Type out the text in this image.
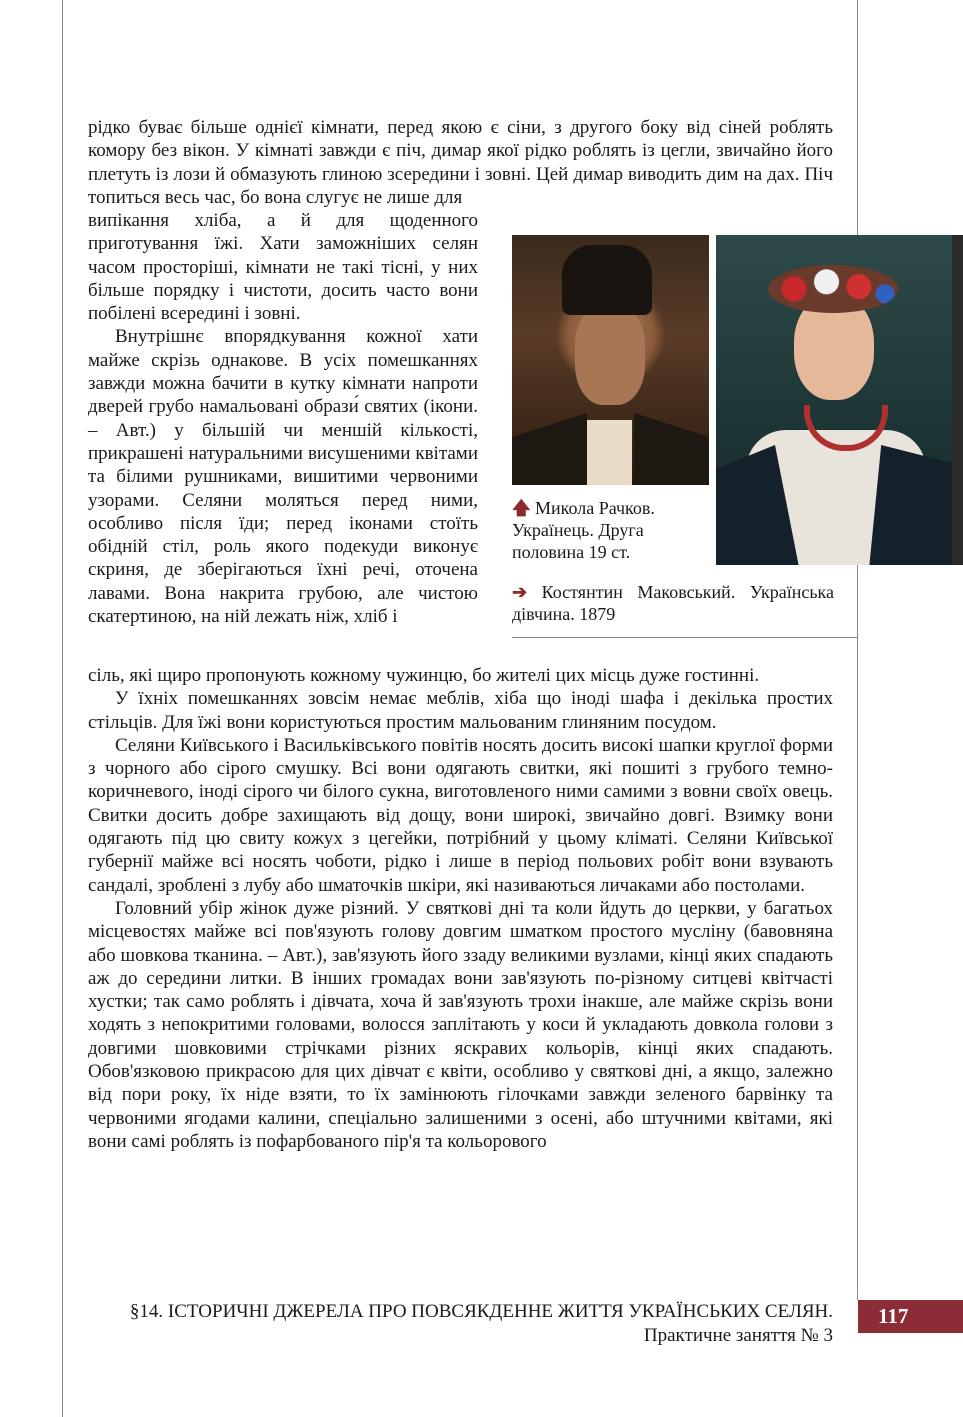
рідко буває більше однієї кімнати, перед якою є сіни, з другого боку від сіней роблять комору без вікон. У кімнаті завжди є піч, димар якої рідко роблять із цегли, звичайно його плетуть із лози й обмазують глиною зсередини і зовні. Цей димар виводить дим на дах. Піч топиться весь час, бо вона слугує не лише для

випікання хліба, а й для щоденного приготування їжі. Хати заможніших селян часом просторіші, кімнати не такі тісні, у них більше порядку і чистоти, досить часто вони побілені всередині і зовні.

Внутрішнє впорядкування кожної хати майже скрізь однакове. В усіх помешканнях завжди можна бачити в кутку кімнати напроти дверей грубо намальовані образи́ святих (ікони. – Авт.) у більшій чи меншій кількості, прикрашені натуральними висушеними квітами та білими рушниками, вишитими червоними узорами. Селяни моляться перед ними, особливо після їди; перед іконами стоїть обідній стіл, роль якого подекуди виконує скриня, де зберігаються їхні речі, оточена лавами. Вона накрита грубою, але чистою скатертиною, на ній лежать ніж, хліб і

🡅 Микола Рачков. Українець. Друга половина 19 ст.
➔ Костянтин Маковський. Українська дівчина. 1879

сіль, які щиро пропонують кожному чужинцю, бо жителі цих місць дуже гостинні.

У їхніх помешканнях зовсім немає меблів, хіба що іноді шафа і декілька простих стільців. Для їжі вони користуються простим мальованим глиняним посудом.

Селяни Київського і Васильківського повітів носять досить високі шапки круглої форми з чорного або сірого смушку. Всі вони одягають свитки, які пошиті з грубого темно-коричневого, іноді сірого чи білого сукна, виготовленого ними самими з вовни своїх овець. Свитки досить добре захищають від дощу, вони широкі, звичайно довгі. Взимку вони одягають під цю свиту кожух з цегейки, потрібний у цьому кліматі. Селяни Київської губернії майже всі носять чоботи, рідко і лише в період польових робіт вони взувають сандалі, зроблені з лубу або шматочків шкіри, які називаються личаками або постолами.

Головний убір жінок дуже різний. У святкові дні та коли йдуть до церкви, у багатьох місцевостях майже всі пов'язують голову довгим шматком простого мусліну (бавовняна або шовкова тканина. – Авт.), зав'язують його ззаду великими вузлами, кінці яких спадають аж до середини литки. В інших громадах вони зав'язують по-різному ситцеві квітчасті хустки; так само роблять і дівчата, хоча й зав'язують трохи інакше, але майже скрізь вони ходять з непокритими головами, волосся заплітають у коси й укладають довкола голови з довгими шовковими стрічками різних яскравих кольорів, кінці яких спадають. Обов'язковою прикрасою для цих дівчат є квіти, особливо у святкові дні, а якщо, залежно від пори року, їх ніде взяти, то їх замінюють гілочками завжди зеленого барвінку та червоними ягодами калини, спеціально залишеними з осені, або штучними квітами, які вони самі роблять із пофарбованого пір'я та кольорового

§14. ІСТОРИЧНІ ДЖЕРЕЛА ПРО ПОВСЯКДЕННЕ ЖИТТЯ УКРАЇНСЬКИХ СЕЛЯН.
Практичне заняття № 3
117
